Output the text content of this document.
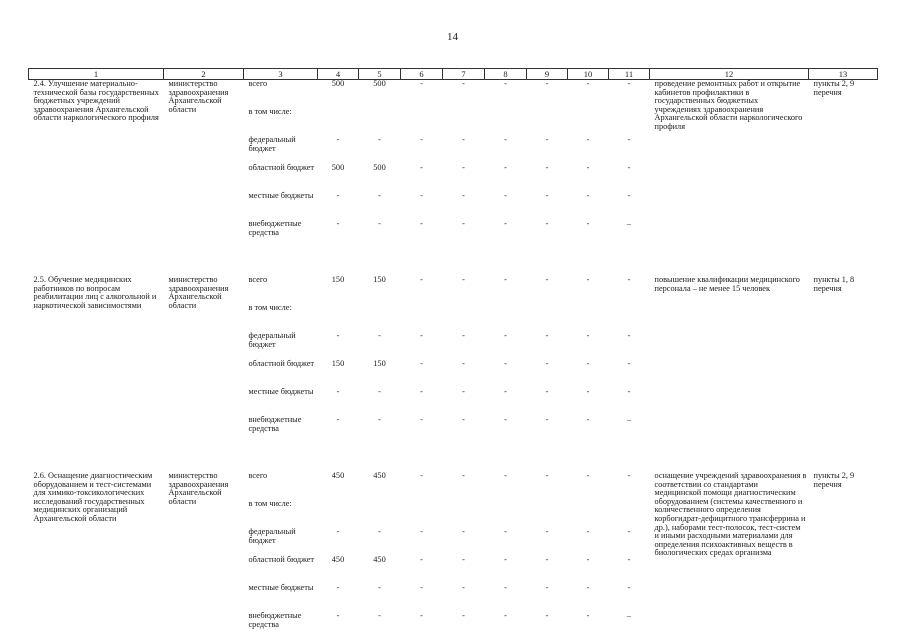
14
1	2	3	4	5	6	7	8	9	10	11	12	13
2.4. Улучшение материально-технической базы государственных бюджетных учреждений здравоохранения Архангельской области наркологического профиля	министерство здравоохранения Архангельской области	всего	500	500	-	-	-	-	-	-	проведение ремонтных работ и открытие кабинетов профилактики в государственных бюджетных учреждениях здравоохранения Архангельской области наркологического профиля	пункты 2, 9 перечня
		в том числе:										
		федеральный бюджет	-	-	-	-	-	-	-	-		
		областной бюджет	500	500	-	-	-	-	-	-		
		местные бюджеты	-	-	-	-	-	-	-	-		
		внебюджетные средства	-	-	-	-	-	-	-	–		

2.5. Обучение медицинских работников по вопросам реабилитации лиц с алкогольной и наркотической зависимостями	министерство здравоохранения Архангельской области	всего	150	150	-	-	-	-	-	-	повышение квалификации медицинского персонала – не менее 15 человек	пункты 1, 8 перечня
		в том числе:										
		федеральный бюджет	-	-	-	-	-	-	-	-		
		областной бюджет	150	150	-	-	-	-	-	-		
		местные бюджеты	-	-	-	-	-	-	-	-		
		внебюджетные средства	-	-	-	-	-	-	-	–		

2.6. Оснащение диагностическим оборудованием и тест-системами для химико-токсикологических исследований государственных медицинских организаций Архангельской области	министерство здравоохранения Архангельской области	всего	450	450	-	-	-	-	-	-	оснащение учреждений здравоохранения в соответствии со стандартами медицинской помощи диагностическим оборудованием (системы качественного и количественного определения корбогидрат-дефицитного трансферрина и др.), наборами тест-полосок, тест-систем и иными расходными материалами для определения психоактивных веществ в биологических средах организма	пункты 2, 9 перечня
		в том числе:										
		федеральный бюджет	-	-	-	-	-	-	-	-		
		областной бюджет	450	450	-	-	-	-	-	-		
		местные бюджеты	-	-	-	-	-	-	-	-		
		внебюджетные средства	-	-	-	-	-	-	-	–		
